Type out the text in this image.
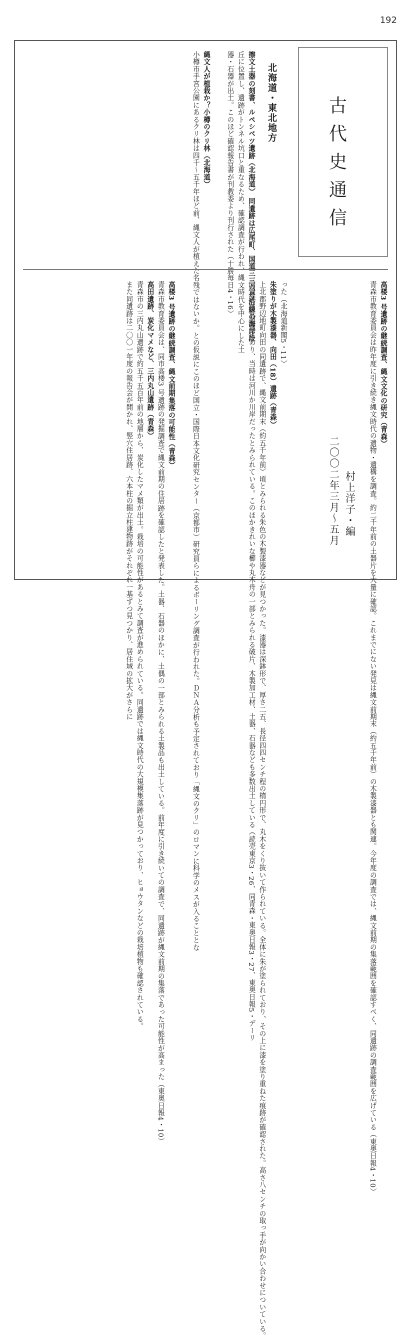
192
古代史通信
二〇〇二年三月〜五月 村上洋子・編
北海道・東北地方

擦文土器の刻書、ルペシベツ遺跡（北海道） 同遺跡は広尾町、国道三三六号沿線の海岸段

丘に位置し、遺跡がトンネル坑口と重なるため、確認調査が行われ、縄文時代を中心にした土

器・石器が出土。このほど確認報告書が刊教委より刊行された（十勝毎日4・16）

縄文人が植栽か？小樽のクリ林（北海道）

小樽市手宮公園にあるクリ林は四千〜五千年ほど前、縄文人が植えた名残ではないか。との仮説にこのほど国立・国際日本文化研究センター（京都市）研究員らによるボーリング調査が行われた。ＤＮＡ分析も予定されており「縄文のクリ」のロマンに科学のメスが入ることとな	高楼3 号遺跡の継続調査、縄文文化の研究（青森）

青森市教育委員会は昨年度に引き続き縄文時代の遺物・遺構を調査。約二千年前の土器片を大量に確認。これまでにない発見は縄文前期末（約五千年前）の木製漆器とも関連。今年度の調査では、縄文前期の集落範囲を確認すべく、同遺跡の調査範囲を広げている（東奥日報4・10）

った（北海道新聞5・11）

朱塗りが木製漆器、向田（18）遺跡（青森）

上北郡野辺地町向田の同遺跡で、縄文前期末（約五千年前）頃とみられる朱色の木製漆器などが見つかった。漆器は深鉢形で、厚さ二五、長径四四センチ程の楕円形で、丸木をくり抜いて作られている。全体に朱が塗られており、その上に漆を塗り重ねた痕跡が確認された。高さ八センチの取っ手が向かい合わせについている。

同遺跡は低湿地にあり、当時は河川か川岸だったとみられている。このほかきれいな櫛や丸木舟の一部とみられる破片、木製加工材、土器、石器なども多数出土している（読売東京3・26、同青森・東奥日報3・27、東奥日報5・デーリ

高楼3 号遺跡の継続調査、縄文前期集落の可能性（青森）

青森市教育委員会は、同市高楼3 号遺跡の発掘調査で縄文前期の住居跡を確認したと発表した。土器、石器のほかに、土偶の一部とみられる土製品も出土している。前年度に引き続いての調査で、同遺跡が縄文前期の集落であった可能性が高まった（東奥日報4・10）

高田遺跡、炭化マメなど、三内丸山遺跡（青森）

青森市の三内丸山遺跡で約五千五百年前の地層から、炭化したマメ類が出土。栽培の可能性があるとみて調査が進められている。同遺跡では縄文時代の大規模集落跡が見つかっており、ヒョウタンなどの栽培植物も確認されている。

また同遺跡は二〇〇一年度の報告会が開かれ、竪穴住居跡、六本柱の掘立柱建物跡がそれぞれ一基ずつ見つかり、居住域の拡大がさらに
